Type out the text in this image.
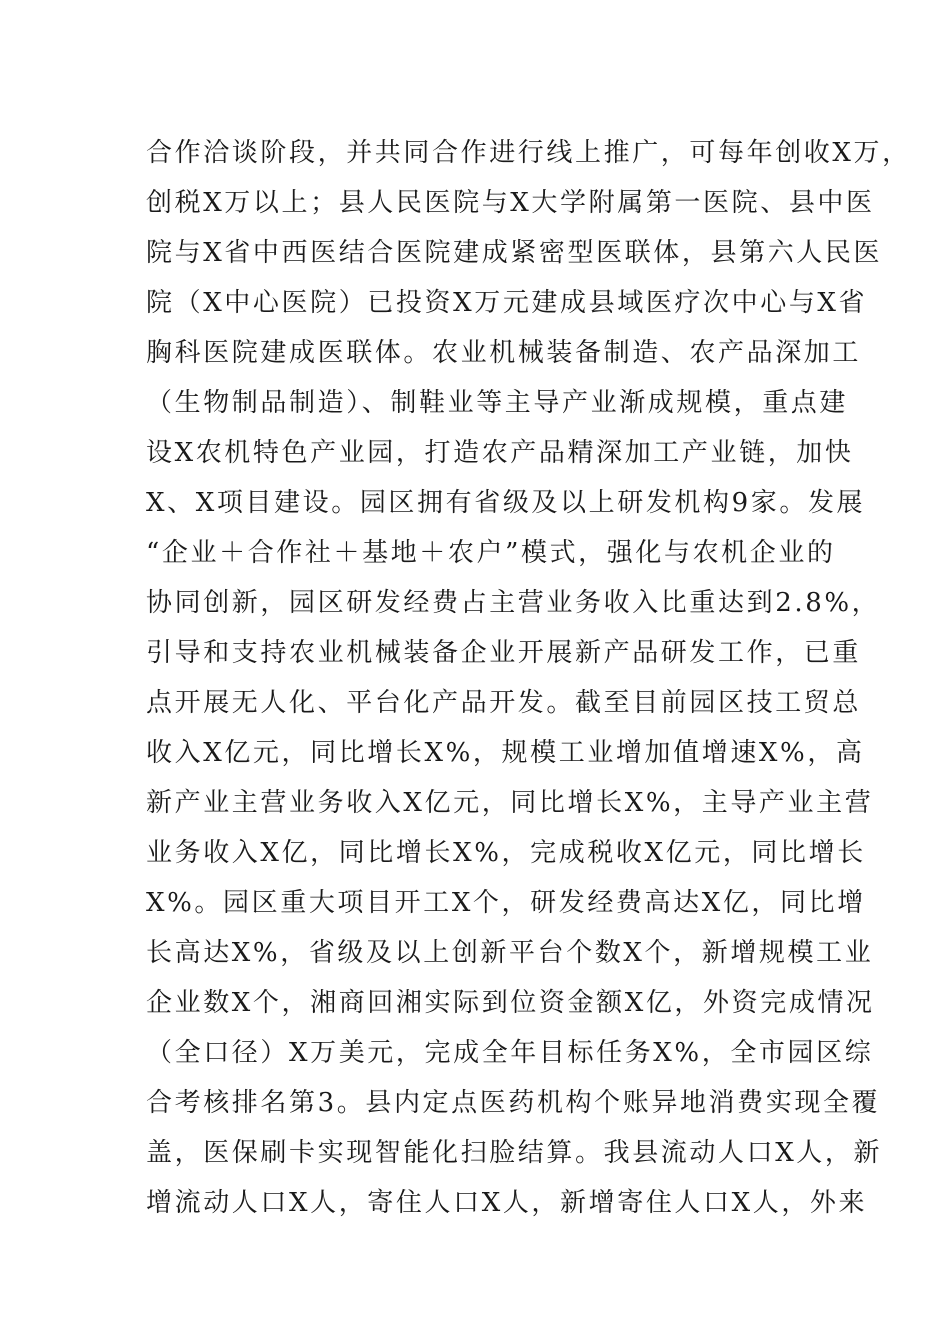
合作洽谈阶段，并共同合作进行线上推广，可每年创收X万，
创税X万以上；县人民医院与X大学附属第一医院、县中医
院与X省中西医结合医院建成紧密型医联体，县第六人民医
院（X中心医院）已投资X万元建成县域医疗次中心与X省
胸科医院建成医联体。农业机械装备制造、农产品深加工
（生物制品制造）、制鞋业等主导产业渐成规模，重点建
设X农机特色产业园，打造农产品精深加工产业链，加快
X、X项目建设。园区拥有省级及以上研发机构9家。发展
“企业＋合作社＋基地＋农户”模式，强化与农机企业的
协同创新，园区研发经费占主营业务收入比重达到2.8%，
引导和支持农业机械装备企业开展新产品研发工作，已重
点开展无人化、平台化产品开发。截至目前园区技工贸总
收入X亿元，同比增长X%，规模工业增加值增速X%，高
新产业主营业务收入X亿元，同比增长X%，主导产业主营
业务收入X亿，同比增长X%，完成税收X亿元，同比增长
X%。园区重大项目开工X个，研发经费高达X亿，同比增
长高达X%，省级及以上创新平台个数X个，新增规模工业
企业数X个，湘商回湘实际到位资金额X亿，外资完成情况
（全口径）X万美元，完成全年目标任务X%，全市园区综
合考核排名第3。县内定点医药机构个账异地消费实现全覆
盖，医保刷卡实现智能化扫脸结算。我县流动人口X人，新
增流动人口X人，寄住人口X人，新增寄住人口X人，外来
